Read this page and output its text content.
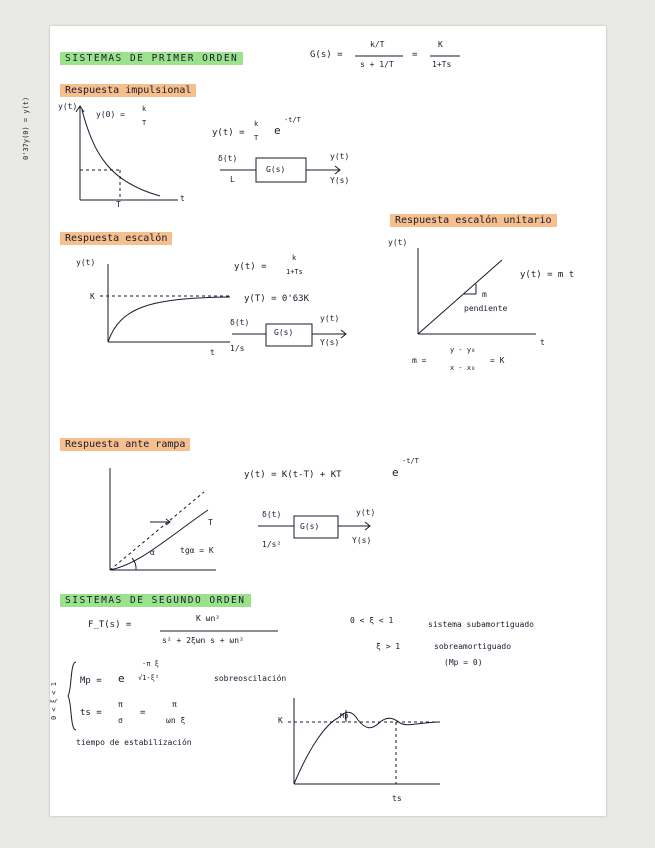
SISTEMAS DE PRIMER ORDEN	G(s) =
k/T
s + 1/T
=
K
1+Ts
Respuesta impulsional
y(t)
y(0) =
k
T
0'37y(0) = y(t)
T
t
y(t) =
k
T
e
-t/T
δ(t)
L
G(s)
y(t)
Y(s)
Respuesta escalón
y(t)
K
t
y(t) =
k
1+Ts
y(T) = 0'63K
δ(t)
1/s
G(s)
y(t)
Y(s)
Respuesta escalón unitario
y(t)
y(t) = m t
m
pendiente
t
m =
y - y₀
x - x₀
= K
Respuesta ante rampa
T
α	tgα = K
y(t) = K(t-T) + KT	e
-t/T
δ(t)
1/s²
G(s)
y(t)
Y(s)
SISTEMAS DE SEGUNDO ORDEN
F_T(s) =
K ωn²
s² + 2ξωn s + ωn²
0 < ξ < 1	sistema subamortiguado
ξ > 1	sobreamortiguado
(Mp = 0)
0 < ξ < 1
Mp = e
-π ξ
√1-ξ²	sobreoscilación
ts =
π
σ
=
π
ωn ξ
tiempo de estabilización
K	Mp
ts
